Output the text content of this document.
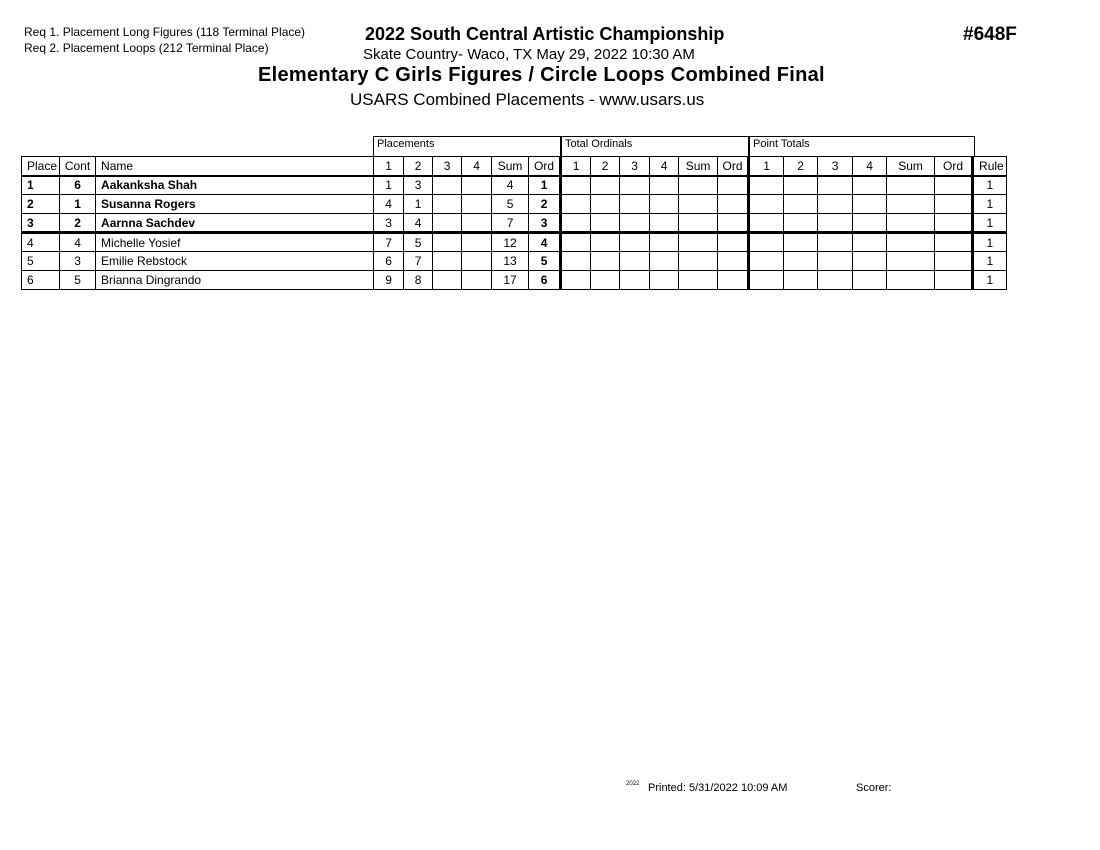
Req 1. Placement Long Figures (118 Terminal Place)
Req 2. Placement Loops (212 Terminal Place)
2022 South Central Artistic Championship	#648F
Skate Country- Waco, TX May 29, 2022 10:30 AM
Elementary C Girls Figures / Circle Loops Combined Final
USARS Combined Placements - www.usars.us
Placements	Total Ordinals	Point Totals
Place	Cont	Name	1	2	3	4	Sum	Ord	1	2	3	4	Sum	Ord	1	2	3	4	Sum	Ord	Rule
1	6	Aakanksha Shah	1	3			4	1													1
2	1	Susanna Rogers	4	1			5	2													1
3	2	Aarnna Sachdev	3	4			7	3													1
4	4	Michelle Yosief	7	5			12	4													1
5	3	Emilie Rebstock	6	7			13	5													1
6	5	Brianna Dingrando	9	8			17	6													1
2022 Printed: 5/31/2022 10:09 AM	Scorer:
